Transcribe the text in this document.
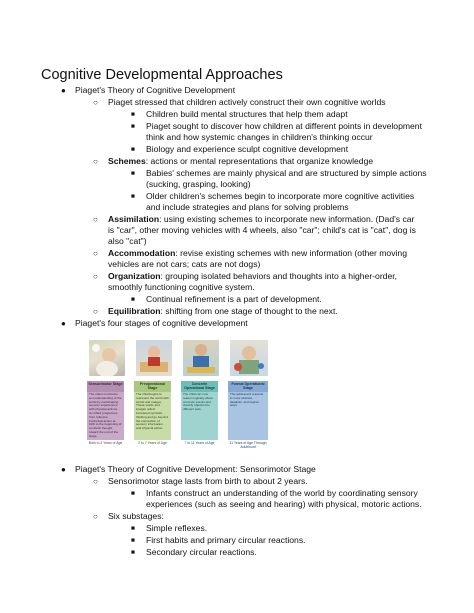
Cognitive Developmental Approaches
● Piaget's Theory of Cognitive Development
○ Piaget stressed that children actively construct their own cognitive worlds
■ Children build mental structures that help them adapt
■ Piaget sought to discover how children at different points in development
think and how systemic changes in children's thinking occur
■ Biology and experience sculpt cognitive development
○ Schemes: actions or mental representations that organize knowledge
■ Babies' schemes are mainly physical and are structured by simple actions
(sucking, grasping, looking)
■ Older children's schemes begin to incorporate more cognitive activities
and include strategies and plans for solving problems
○ Assimilation: using existing schemes to incorporate new information. (Dad's car
is "car", other moving vehicles with 4 wheels, also "car"; child's cat is "cat", dog is
also "cat")
○ Accommodation: revise existing schemes with new information (other moving
vehicles are not cars; cats are not dogs)
○ Organization: grouping isolated behaviors and thoughts into a higher-order,
smoothly functioning cognitive system.
■ Continual refinement is a part of development.
○ Equilibration: shifting from one stage of thought to the next.
● Piaget's four stages of cognitive development
Sensorimotor Stage
The infant constructs an understanding of the world by coordinating sensory experiences with physical actions. An infant progresses from reflexive, instinctual action at birth to the beginning of symbolic thought toward the end of the stage.
Birth to 2 Years of Age
Preoperational Stage
The child begins to represent the world with words and images. These words and images reflect increased symbolic thinking and go beyond the connection of sensory information and physical action.
2 to 7 Years of Age
Concrete Operational Stage
The child can now reason logically about concrete events and classify objects into different sets.
7 to 11 Years of Age
Formal Operational Stage
The adolescent reasons in more abstract, idealistic, and logical ways.
11 Years of Age Through Adulthood
● Piaget's Theory of Cognitive Development: Sensorimotor Stage
○ Sensorimotor stage lasts from birth to about 2 years.
■ Infants construct an understanding of the world by coordinating sensory
experiences (such as seeing and hearing) with physical, motoric actions.
○ Six substages:
■ Simple reflexes.
■ First habits and primary circular reactions.
■ Secondary circular reactions.
